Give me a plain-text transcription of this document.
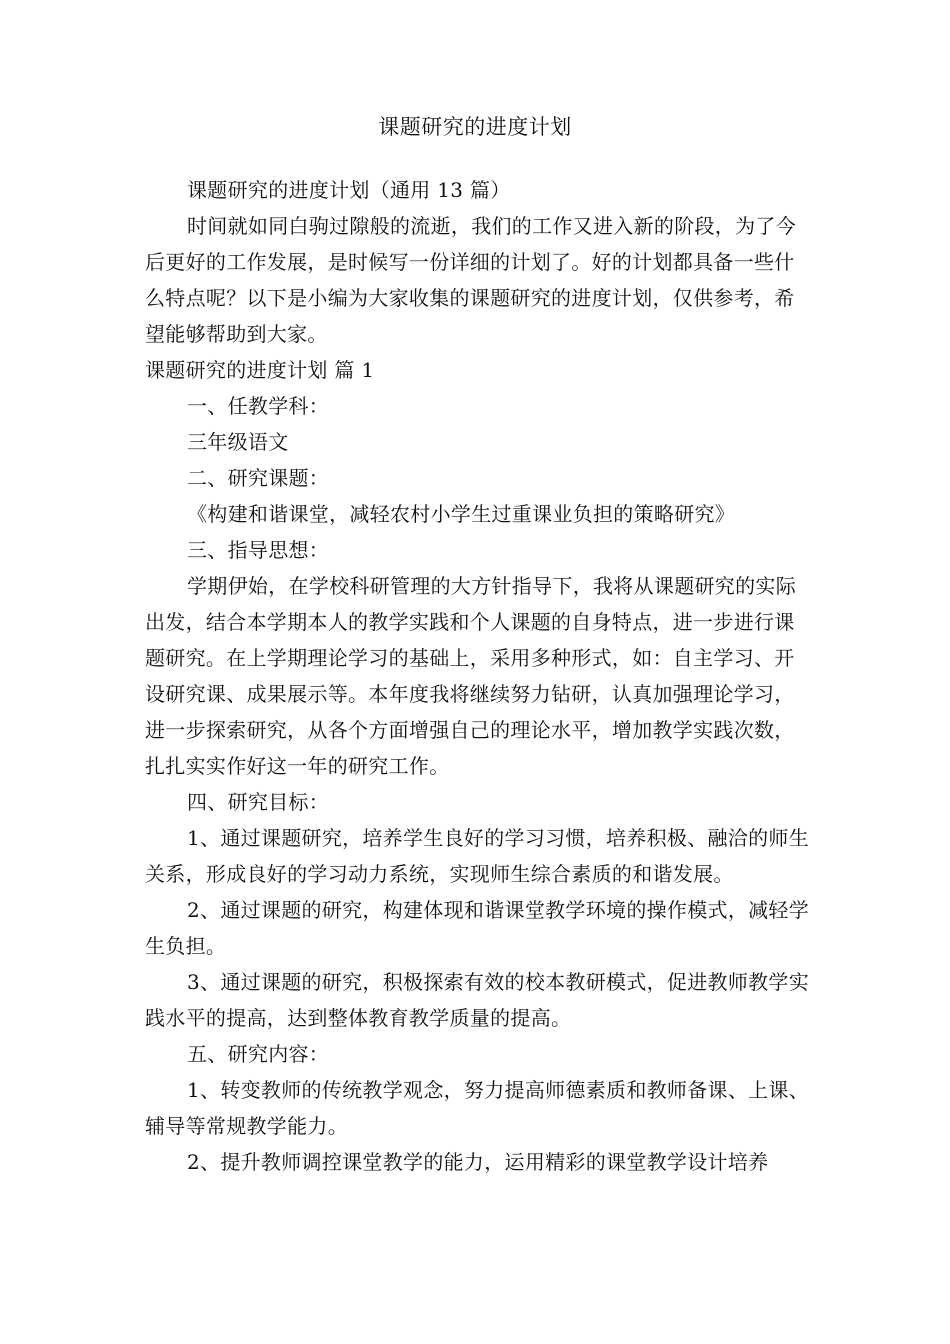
课题研究的进度计划

课题研究的进度计划（通用 13 篇）

时间就如同白驹过隙般的流逝，我们的工作又进入新的阶段，为了今后更好的工作发展，是时候写一份详细的计划了。好的计划都具备一些什么特点呢？以下是小编为大家收集的课题研究的进度计划，仅供参考，希望能够帮助到大家。

课题研究的进度计划 篇 1

一、任教学科：

三年级语文

二、研究课题：

《构建和谐课堂，减轻农村小学生过重课业负担的策略研究》

三、指导思想：

学期伊始，在学校科研管理的大方针指导下，我将从课题研究的实际出发，结合本学期本人的教学实践和个人课题的自身特点，进一步进行课题研究。在上学期理论学习的基础上，采用多种形式，如：自主学习、开设研究课、成果展示等。本年度我将继续努力钻研，认真加强理论学习，进一步探索研究，从各个方面增强自己的理论水平，增加教学实践次数，扎扎实实作好这一年的研究工作。

四、研究目标：

1、通过课题研究，培养学生良好的学习习惯，培养积极、融洽的师生关系，形成良好的学习动力系统，实现师生综合素质的和谐发展。

2、通过课题的研究，构建体现和谐课堂教学环境的操作模式，减轻学生负担。

3、通过课题的研究，积极探索有效的校本教研模式，促进教师教学实践水平的提高，达到整体教育教学质量的提高。

五、研究内容：

1、转变教师的传统教学观念，努力提高师德素质和教师备课、上课、辅导等常规教学能力。

2、提升教师调控课堂教学的能力，运用精彩的课堂教学设计培养
